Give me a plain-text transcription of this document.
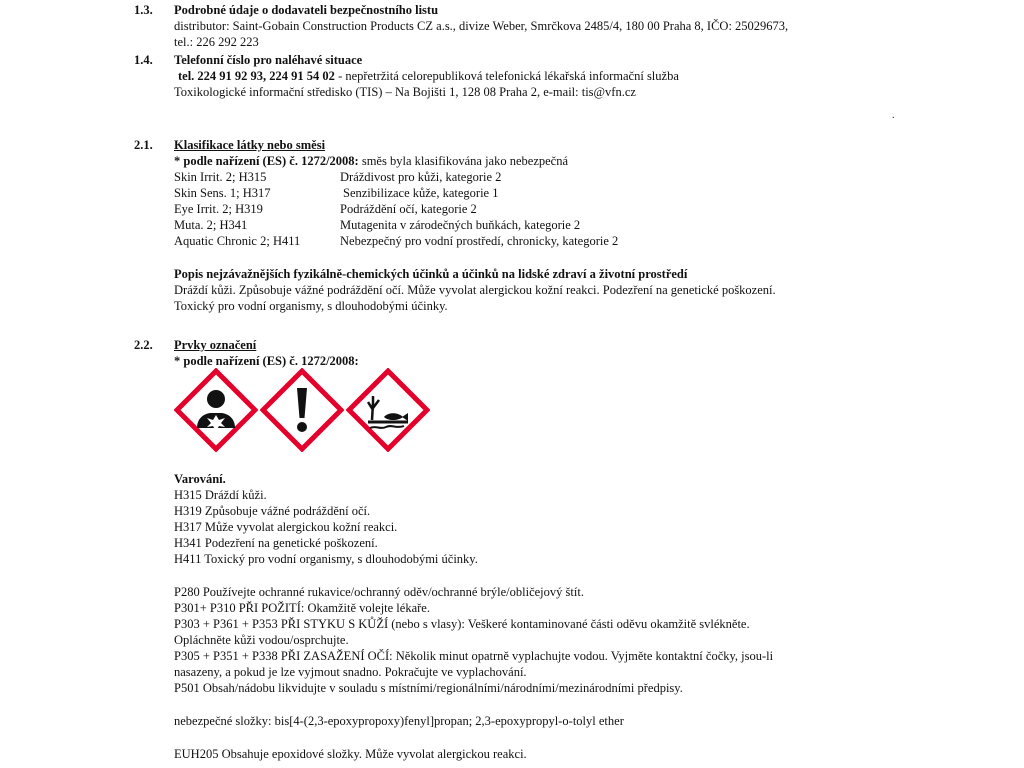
1.3. Podrobné údaje o dodavateli bezpečnostního listu
distributor: Saint-Gobain Construction Products CZ a.s., divize Weber, Smrčkova 2485/4, 180 00 Praha 8, IČO: 25029673,
tel.: 226 292 223
1.4. Telefonní číslo pro naléhavé situace
tel. 224 91 92 93, 224 91 54 02 - nepřetržitá celorepubliková telefonická lékařská informační služba
Toxikologické informační středisko (TIS) – Na Bojišti 1, 128 08 Praha 2, e-mail: tis@vfn.cz
.
2.1. Klasifikace látky nebo směsi
* podle nařízení (ES) č. 1272/2008: směs byla klasifikována jako nebezpečná
Skin Irrit. 2; H315	Dráždivost pro kůži, kategorie 2
Skin Sens. 1; H317	Senzibilizace kůže, kategorie 1
Eye Irrit. 2; H319	Podráždění očí, kategorie 2
Muta. 2; H341	Mutagenita v zárodečných buňkách, kategorie 2
Aquatic Chronic 2; H411	Nebezpečný pro vodní prostředí, chronicky, kategorie 2
Popis nejzávažnějších fyzikálně-chemických účinků a účinků na lidské zdraví a životní prostředí
Dráždí kůži. Způsobuje vážné podráždění očí. Může vyvolat alergickou kožní reakci. Podezření na genetické poškození.
Toxický pro vodní organismy, s dlouhodobými účinky.
2.2. Prvky označení
* podle nařízení (ES) č. 1272/2008:
Varování.
H315 Dráždí kůži.
H319 Způsobuje vážné podráždění očí.
H317 Může vyvolat alergickou kožní reakci.
H341 Podezření na genetické poškození.
H411 Toxický pro vodní organismy, s dlouhodobými účinky.
P280 Používejte ochranné rukavice/ochranný oděv/ochranné brýle/obličejový štít.
P301+ P310 PŘI POŽITÍ: Okamžitě volejte lékaře.
P303 + P361 + P353 PŘI STYKU S KŮŽÍ (nebo s vlasy): Veškeré kontaminované části oděvu okamžitě svlékněte.
Opláchněte kůži vodou/osprchujte.
P305 + P351 + P338 PŘI ZASAŽENÍ OČÍ: Několik minut opatrně vyplachujte vodou. Vyjměte kontaktní čočky, jsou-li
nasazeny, a pokud je lze vyjmout snadno. Pokračujte ve vyplachování.
P501 Obsah/nádobu likvidujte v souladu s místními/regionálními/národními/mezinárodními předpisy.
nebezpečné složky: bis[4-(2,3-epoxypropoxy)fenyl]propan; 2,3-epoxypropyl-o-tolyl ether
EUH205 Obsahuje epoxidové složky. Může vyvolat alergickou reakci.
